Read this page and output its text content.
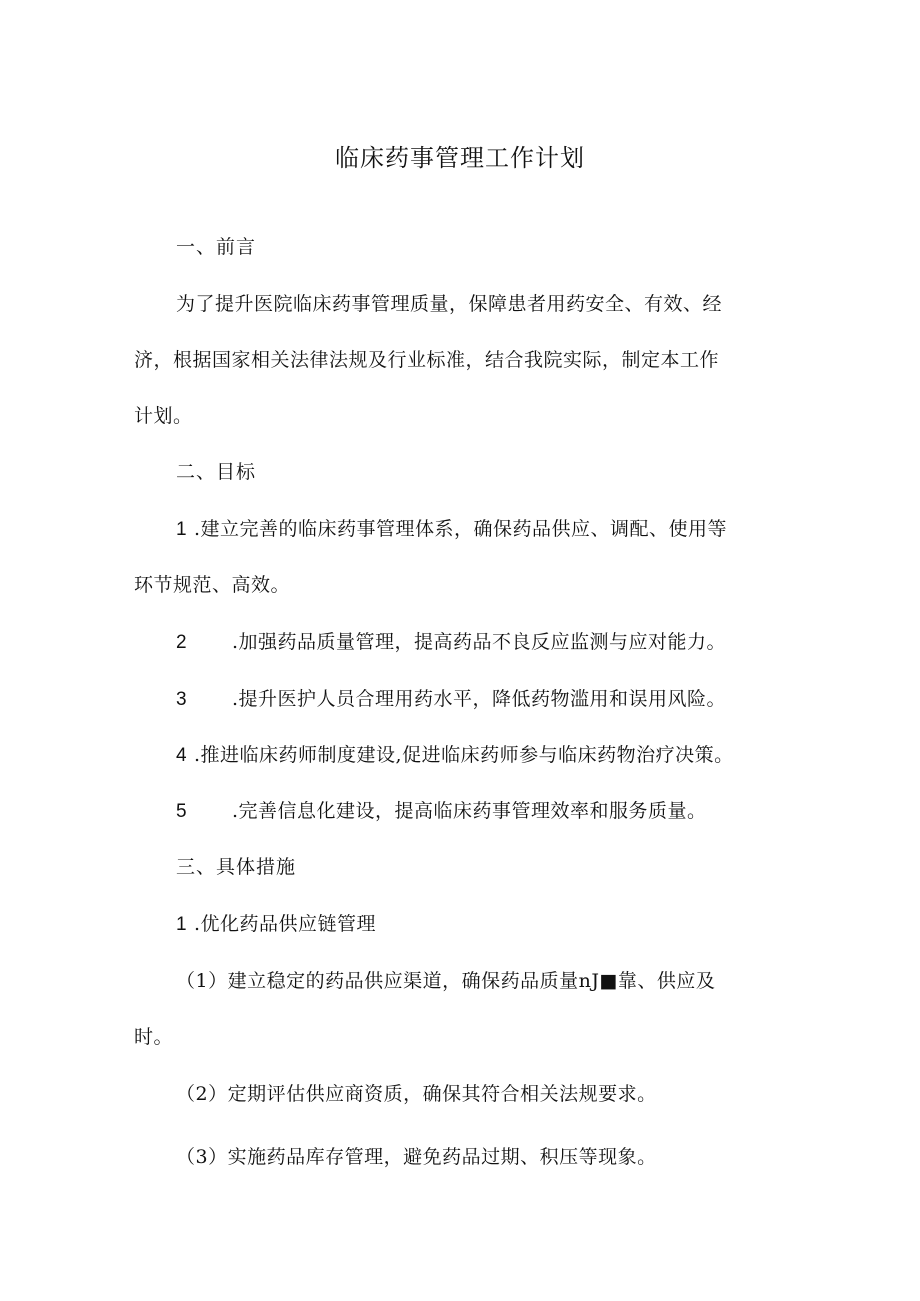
临床药事管理工作计划
一、前言
为了提升医院临床药事管理质量，保障患者用药安全、有效、经
济，根据国家相关法律法规及行业标准，结合我院实际，制定本工作
计划。
二、目标
1 .建立完善的临床药事管理体系，确保药品供应、调配、使用等
环节规范、高效。
2 .加强药品质量管理，提高药品不良反应监测与应对能力。
3 .提升医护人员合理用药水平，降低药物滥用和误用风险。
4 .推进临床药师制度建设,促进临床药师参与临床药物治疗决策。
5 .完善信息化建设，提高临床药事管理效率和服务质量。
三、具体措施
1 .优化药品供应链管理
（1）建立稳定的药品供应渠道，确保药品质量nJ■靠、供应及
时。
（2）定期评估供应商资质，确保其符合相关法规要求。
（3）实施药品库存管理，避免药品过期、积压等现象。
